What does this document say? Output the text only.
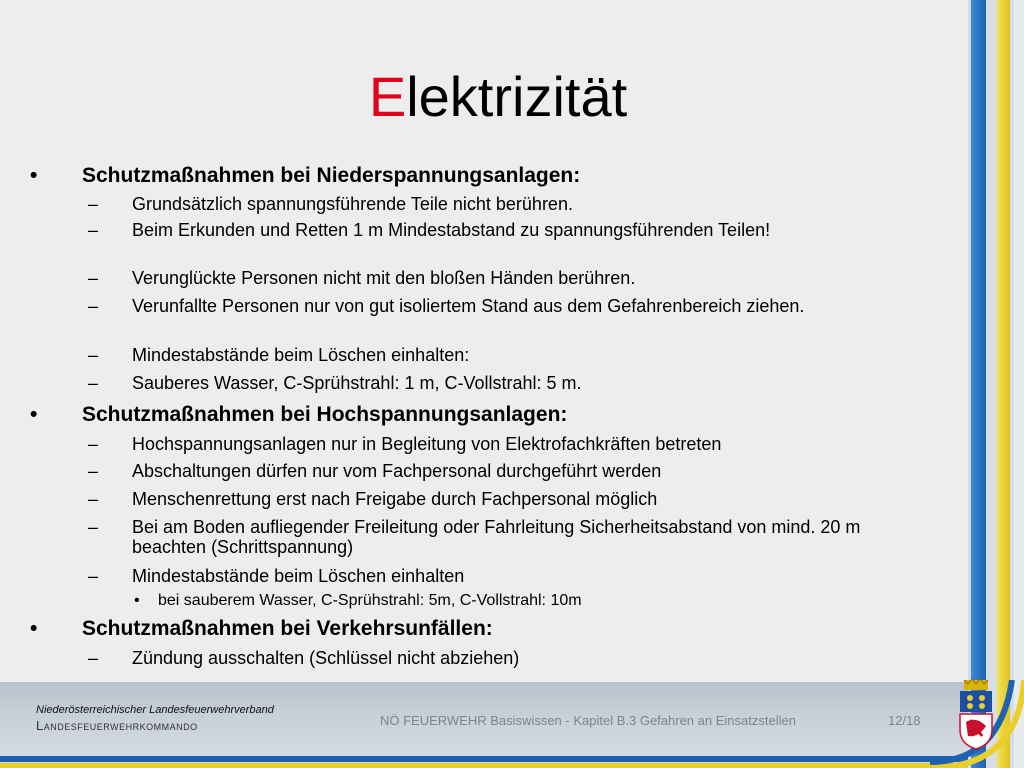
Elektrizität
• Schutzmaßnahmen bei Niederspannungsanlagen:
– Grundsätzlich spannungsführende Teile nicht berühren.
– Beim Erkunden und Retten 1 m Mindestabstand zu spannungsführenden Teilen!
– Verunglückte Personen nicht mit den bloßen Händen berühren.
– Verunfallte Personen nur von gut isoliertem Stand aus dem Gefahrenbereich ziehen.
– Mindestabstände beim Löschen einhalten:
– Sauberes Wasser, C-Sprühstrahl: 1 m, C-Vollstrahl: 5 m.
• Schutzmaßnahmen bei Hochspannungsanlagen:
– Hochspannungsanlagen nur in Begleitung von Elektrofachkräften betreten
– Abschaltungen dürfen nur vom Fachpersonal durchgeführt werden
– Menschenrettung erst nach Freigabe durch Fachpersonal möglich
– Bei am Boden aufliegender Freileitung oder Fahrleitung Sicherheitsabstand von mind. 20 m beachten (Schrittspannung)
– Mindestabstände beim Löschen einhalten
• bei sauberem Wasser, C-Sprühstrahl: 5m, C-Vollstrahl: 10m
• Schutzmaßnahmen bei Verkehrsunfällen:
– Zündung ausschalten (Schlüssel nicht abziehen)
Niederösterreichischer Landesfeuerwehrverband
Landesfeuerwehrkommando	NÖ FEUERWEHR Basiswissen - Kapitel B.3 Gefahren an Einsatzstellen	12/18
